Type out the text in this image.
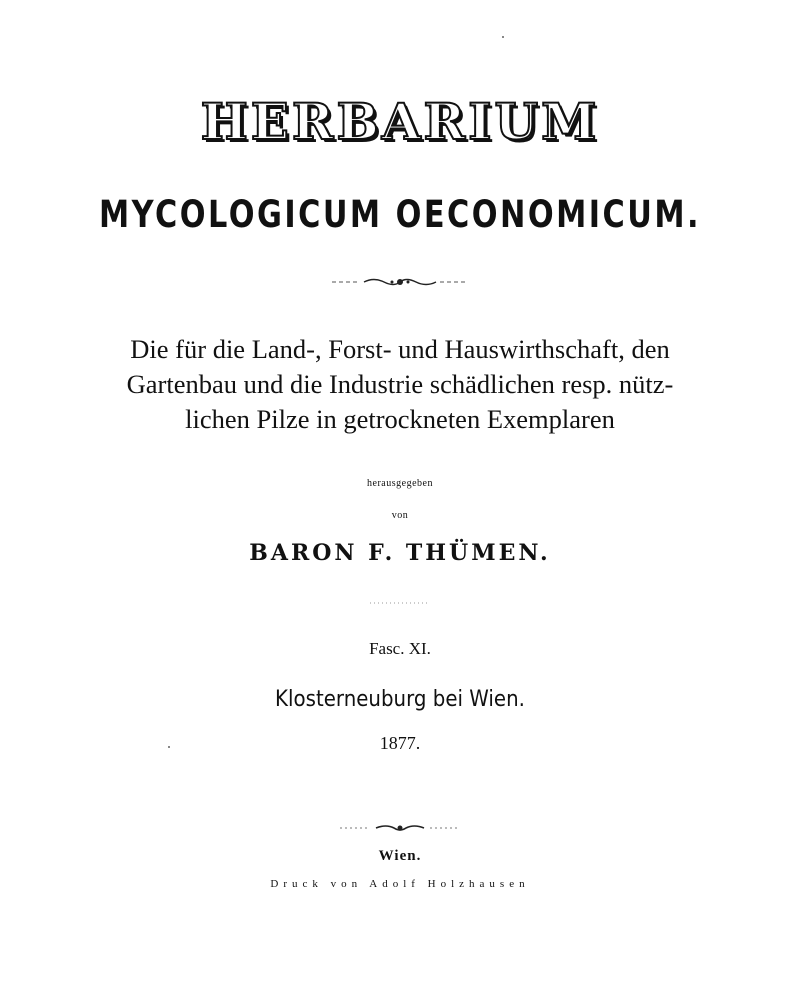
HERBARIUM
MYCOLOGICUM OECONOMICUM.
Die für die Land-, Forst- und Hauswirthschaft, den
Gartenbau und die Industrie schädlichen resp. nütz-
lichen Pilze in getrockneten Exemplaren
herausgegeben
von
BARON F. THÜMEN.
Fasc. XI.
Klosterneuburg bei Wien.
1877.
Wien.
Druck von Adolf Holzhausen
